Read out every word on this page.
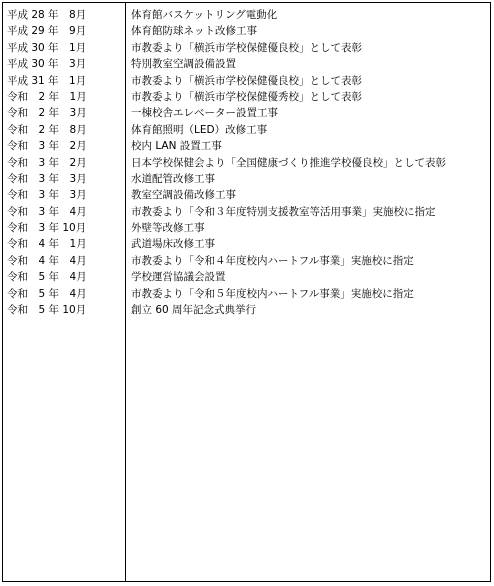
平成 28 年　8月	体育館バスケットリング電動化
平成 29 年　9月	体育館防球ネット改修工事
平成 30 年　1月	市教委より「横浜市学校保健優良校」として表彰
平成 30 年　3月	特別教室空調設備設置
平成 31 年　1月	市教委より「横浜市学校保健優良校」として表彰
令和　2 年　1月	市教委より「横浜市学校保健優秀校」として表彰
令和　2 年　3月	一棟校舎エレベーター設置工事
令和　2 年　8月	体育館照明（LED）改修工事
令和　3 年　2月	校内 LAN 設置工事
令和　3 年　2月	日本学校保健会より「全国健康づくり推進学校優良校」として表彰
令和　3 年　3月	水道配管改修工事
令和　3 年　3月	教室空調設備改修工事
令和　3 年　4月	市教委より「令和３年度特別支援教室等活用事業」実施校に指定
令和　3 年 10月	外壁等改修工事
令和　4 年　1月	武道場床改修工事
令和　4 年　4月	市教委より「令和４年度校内ハートフル事業」実施校に指定
令和　5 年　4月	学校運営協議会設置
令和　5 年　4月	市教委より「令和５年度校内ハートフル事業」実施校に指定
令和　5 年 10月	創立 60 周年記念式典挙行
